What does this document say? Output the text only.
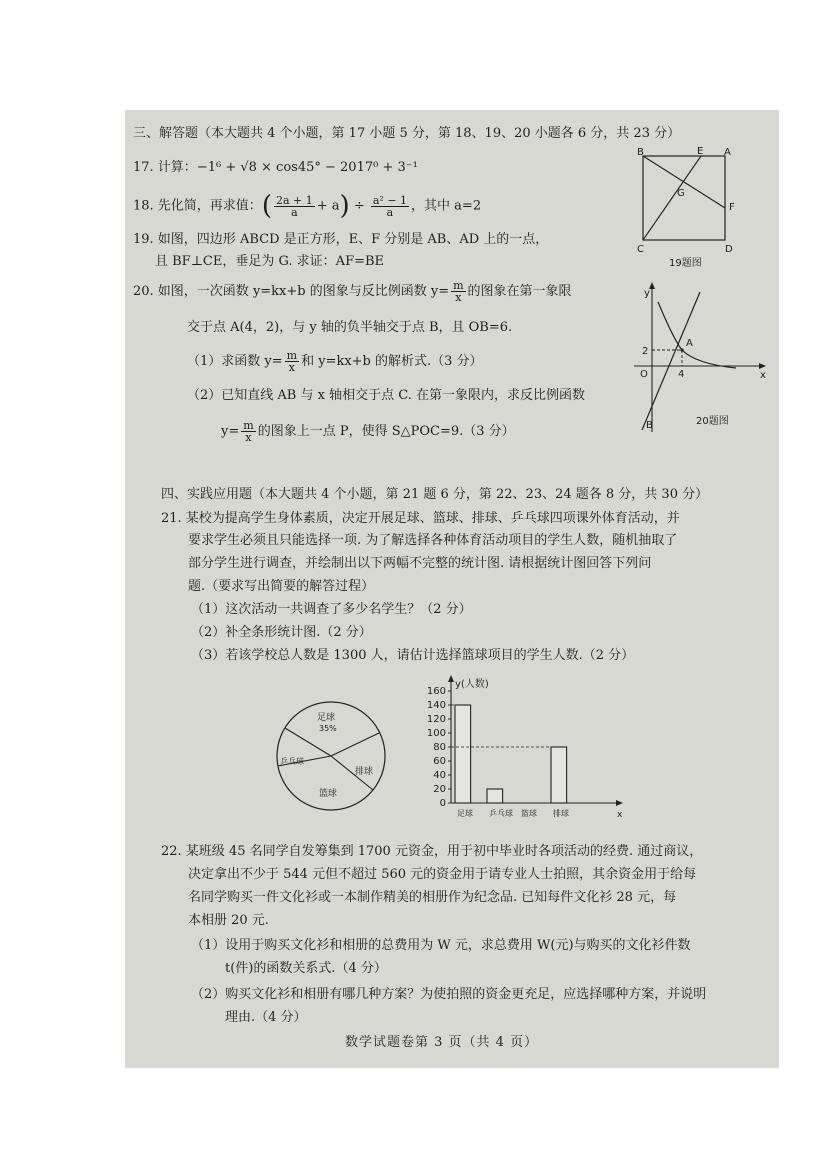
三、解答题（本大题共 4 个小题，第 17 小题 5 分，第 18、19、20 小题各 6 分，共 23 分）
17. 计算：−1⁶ + √8 × cos45° − 2017⁰ + 3⁻¹
18. 先化简，再求值：( $\frac{2a + 1}{a} + a) \div \frac{\text{a² − 1}}{a}$ ，其中 a=2
19. 如图，四边形 ABCD 是正方形，E、F 分别是 AB、AD 上的一点，
且 BF⊥CE，垂足为 G. 求证：AF=BE
B	E A
G
F
C	D
19题图
20. 如图，一次函数 y=kx+b 的图象与反比例函数 $y= \frac{m}{x}$ 的图象在第一象限
交于点 A(4，2)，与 y 轴的负半轴交于点 B，且 OB=6.
（1）求函数 $y= \frac{m}{x}$ 和 y=kx+b 的解析式.（3 分）
（2）已知直线 AB 与 x 轴相交于点 C. 在第一象限内，求反比例函数
$y= \frac{m}{x}$ 的图象上一点 P，使得 S△POC=9.（3 分）
y
x
O
A
2
4
B	20题图
四、实践应用题（本大题共 4 个小题，第 21 题 6 分，第 22、23、24 题各 8 分，共 30 分）
21. 某校为提高学生身体素质，决定开展足球、篮球、排球、乒乓球四项课外体育活动，并
要求学生必须且只能选择一项. 为了解选择各种体育活动项目的学生人数，随机抽取了
部分学生进行调查，并绘制出以下两幅不完整的统计图. 请根据统计图回答下列问
题.（要求写出简要的解答过程）
（1）这次活动一共调查了多少名学生？（2 分）
（2）补全条形统计图.（2 分）
（3）若该学校总人数是 1300 人，请估计选择篮球项目的学生人数.（2 分）
足球
35%
排球
篮球
乒乓球
y(人数)
x
0
20
40
60
80
100
120
140
160
足球 乒乓球 篮球 排球
22. 某班级 45 名同学自发筹集到 1700 元资金，用于初中毕业时各项活动的经费. 通过商议，
决定拿出不少于 544 元但不超过 560 元的资金用于请专业人士拍照，其余资金用于给每
名同学购买一件文化衫或一本制作精美的相册作为纪念品. 已知每件文化衫 28 元，每
本相册 20 元.
（1）设用于购买文化衫和相册的总费用为 W 元，求总费用 W(元)与购买的文化衫件数
t(件)的函数关系式.（4 分）
（2）购买文化衫和相册有哪几种方案？为使拍照的资金更充足，应选择哪种方案，并说明
理由.（4 分）
数学试题卷第 3 页（共 4 页）
